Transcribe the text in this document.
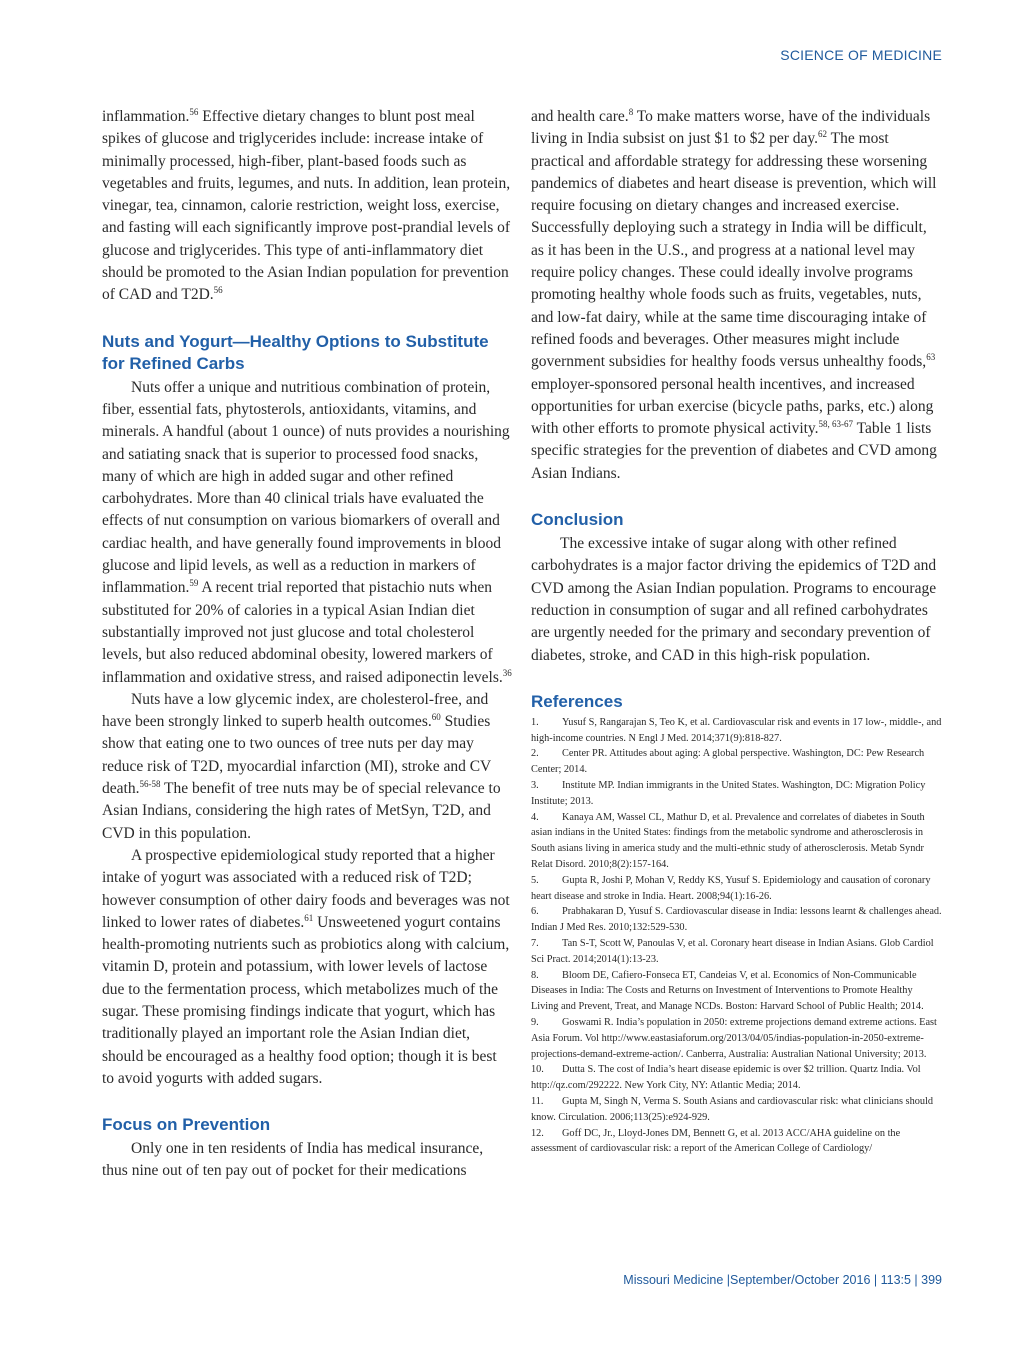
SCIENCE OF MEDICINE

inflammation.$^{56}$ Effective dietary changes to blunt post meal spikes of glucose and triglycerides include: increase intake of minimally processed, high-fiber, plant-based foods such as vegetables and fruits, legumes, and nuts. In addition, lean protein, vinegar, tea, cinnamon, calorie restriction, weight loss, exercise, and fasting will each significantly improve post-prandial levels of glucose and triglycerides. This type of anti-inflammatory diet should be promoted to the Asian Indian population for prevention of CAD and T2D.$^{56}$

Nuts and Yogurt—Healthy Options to Substitute for Refined Carbs

Nuts offer a unique and nutritious combination of protein, fiber, essential fats, phytosterols, antioxidants, vitamins, and minerals. A handful (about 1 ounce) of nuts provides a nourishing and satiating snack that is superior to processed food snacks, many of which are high in added sugar and other refined carbohydrates. More than 40 clinical trials have evaluated the effects of nut consumption on various biomarkers of overall and cardiac health, and have generally found improvements in blood glucose and lipid levels, as well as a reduction in markers of inflammation.$^{59}$ A recent trial reported that pistachio nuts when substituted for 20% of calories in a typical Asian Indian diet substantially improved not just glucose and total cholesterol levels, but also reduced abdominal obesity, lowered markers of inflammation and oxidative stress, and raised adiponectin levels.$^{36}$

Nuts have a low glycemic index, are cholesterol-free, and have been strongly linked to superb health outcomes.$^{60}$ Studies show that eating one to two ounces of tree nuts per day may reduce risk of T2D, myocardial infarction (MI), stroke and CV death.$^{56-58}$ The benefit of tree nuts may be of special relevance to Asian Indians, considering the high rates of MetSyn, T2D, and CVD in this population.

A prospective epidemiological study reported that a higher intake of yogurt was associated with a reduced risk of T2D; however consumption of other dairy foods and beverages was not linked to lower rates of diabetes.$^{61}$ Unsweetened yogurt contains health-promoting nutrients such as probiotics along with calcium, vitamin D, protein and potassium, with lower levels of lactose due to the fermentation process, which metabolizes much of the sugar. These promising findings indicate that yogurt, which has traditionally played an important role the Asian Indian diet, should be encouraged as a healthy food option; though it is best to avoid yogurts with added sugars.

Focus on Prevention

Only one in ten residents of India has medical insurance, thus nine out of ten pay out of pocket for their medications

and health care.$^8$ To make matters worse, have of the individuals living in India subsist on just $1 to $2 per day.$^{62}$ The most practical and affordable strategy for addressing these worsening pandemics of diabetes and heart disease is prevention, which will require focusing on dietary changes and increased exercise. Successfully deploying such a strategy in India will be difficult, as it has been in the U.S., and progress at a national level may require policy changes. These could ideally involve programs promoting healthy whole foods such as fruits, vegetables, nuts, and low-fat dairy, while at the same time discouraging intake of refined foods and beverages. Other measures might include government subsidies for healthy foods versus unhealthy foods,$^{63}$ employer-sponsored personal health incentives, and increased opportunities for urban exercise (bicycle paths, parks, etc.) along with other efforts to promote physical activity.$^{58, 63-67}$ Table 1 lists specific strategies for the prevention of diabetes and CVD among Asian Indians.

Conclusion

The excessive intake of sugar along with other refined carbohydrates is a major factor driving the epidemics of T2D and CVD among the Asian Indian population. Programs to encourage reduction in consumption of sugar and all refined carbohydrates are urgently needed for the primary and secondary prevention of diabetes, stroke, and CAD in this high-risk population.

References
1. Yusuf S, Rangarajan S, Teo K, et al. Cardiovascular risk and events in 17 low-, middle-, and high-income countries. N Engl J Med. 2014;371(9):818-827.
2. Center PR. Attitudes about aging: A global perspective. Washington, DC: Pew Research Center; 2014.
3. Institute MP. Indian immigrants in the United States. Washington, DC: Migration Policy Institute; 2013.
4. Kanaya AM, Wassel CL, Mathur D, et al. Prevalence and correlates of diabetes in South asian indians in the United States: findings from the metabolic syndrome and atherosclerosis in South asians living in america study and the multi-ethnic study of atherosclerosis. Metab Syndr Relat Disord. 2010;8(2):157-164.
5. Gupta R, Joshi P, Mohan V, Reddy KS, Yusuf S. Epidemiology and causation of coronary heart disease and stroke in India. Heart. 2008;94(1):16-26.
6. Prabhakaran D, Yusuf S. Cardiovascular disease in India: lessons learnt & challenges ahead. Indian J Med Res. 2010;132:529-530.
7. Tan S-T, Scott W, Panoulas V, et al. Coronary heart disease in Indian Asians. Glob Cardiol Sci Pract. 2014;2014(1):13-23.
8. Bloom DE, Cafiero-Fonseca ET, Candeias V, et al. Economics of Non-Communicable Diseases in India: The Costs and Returns on Investment of Interventions to Promote Healthy Living and Prevent, Treat, and Manage NCDs. Boston: Harvard School of Public Health; 2014.
9. Goswami R. India’s population in 2050: extreme projections demand extreme actions. East Asia Forum. Vol http://www.eastasiaforum.org/2013/04/05/indias-population-in-2050-extreme-projections-demand-extreme-action/. Canberra, Australia: Australian National University; 2013.
10. Dutta S. The cost of India’s heart disease epidemic is over $2 trillion. Quartz India. Vol http://qz.com/292222. New York City, NY: Atlantic Media; 2014.
11. Gupta M, Singh N, Verma S. South Asians and cardiovascular risk: what clinicians should know. Circulation. 2006;113(25):e924-929.
12. Goff DC, Jr., Lloyd-Jones DM, Bennett G, et al. 2013 ACC/AHA guideline on the assessment of cardiovascular risk: a report of the American College of Cardiology/
Missouri Medicine |September/October 2016 | 113:5 | 399
